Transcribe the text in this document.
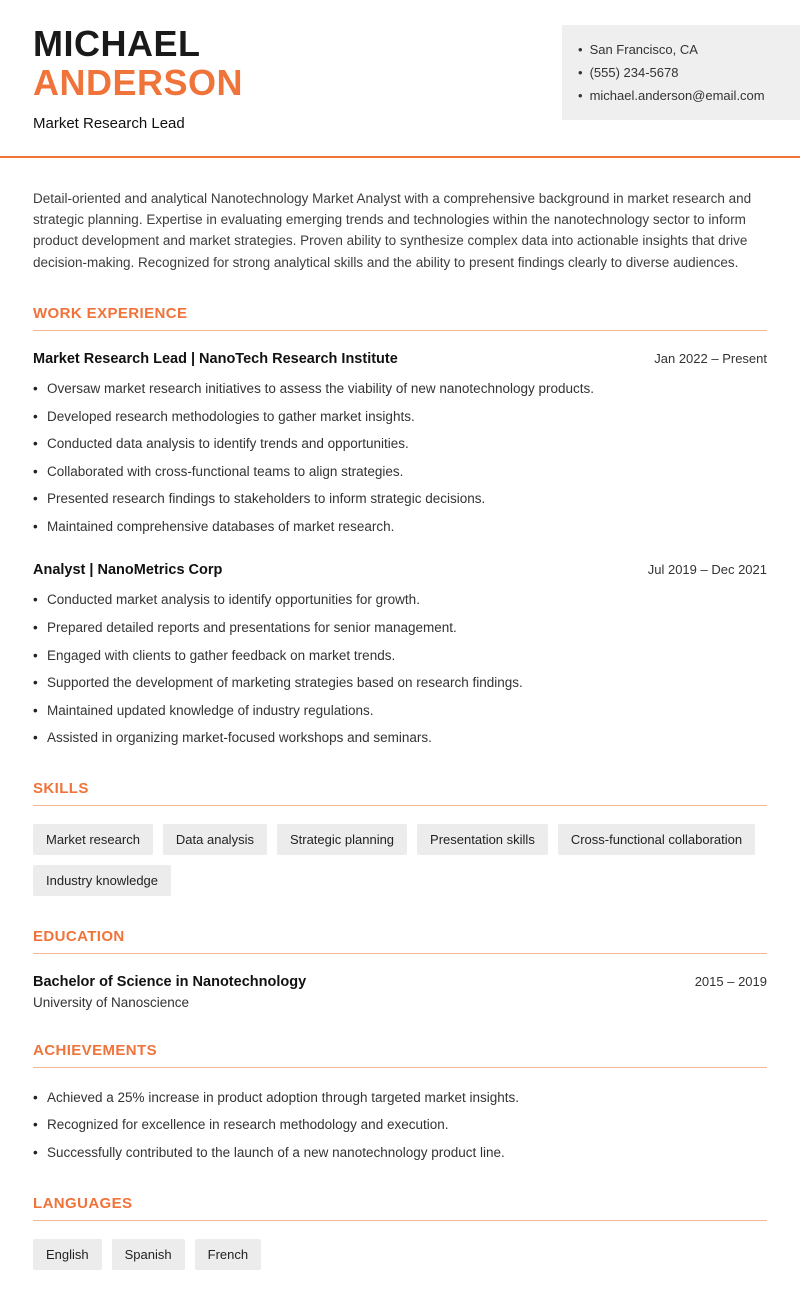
MICHAEL
ANDERSON
Market Research Lead
• San Francisco, CA
• (555) 234-5678
• michael.anderson@email.com

Detail-oriented and analytical Nanotechnology Market Analyst with a comprehensive background in market research and strategic planning. Expertise in evaluating emerging trends and technologies within the nanotechnology sector to inform product development and market strategies. Proven ability to synthesize complex data into actionable insights that drive decision-making. Recognized for strong analytical skills and the ability to present findings clearly to diverse audiences.

WORK EXPERIENCE
Market Research Lead | NanoTech Research Institute	Jan 2022 – Present
• Oversaw market research initiatives to assess the viability of new nanotechnology products.
• Developed research methodologies to gather market insights.
• Conducted data analysis to identify trends and opportunities.
• Collaborated with cross-functional teams to align strategies.
• Presented research findings to stakeholders to inform strategic decisions.
• Maintained comprehensive databases of market research.
Analyst | NanoMetrics Corp	Jul 2019 – Dec 2021
• Conducted market analysis to identify opportunities for growth.
• Prepared detailed reports and presentations for senior management.
• Engaged with clients to gather feedback on market trends.
• Supported the development of marketing strategies based on research findings.
• Maintained updated knowledge of industry regulations.
• Assisted in organizing market-focused workshops and seminars.
SKILLS
Market research	Data analysis	Strategic planning	Presentation skills	Cross-functional collaboration
Industry knowledge
EDUCATION
Bachelor of Science in Nanotechnology	2015 – 2019
University of Nanoscience
ACHIEVEMENTS
• Achieved a 25% increase in product adoption through targeted market insights.
• Recognized for excellence in research methodology and execution.
• Successfully contributed to the launch of a new nanotechnology product line.
LANGUAGES
English	Spanish	French
